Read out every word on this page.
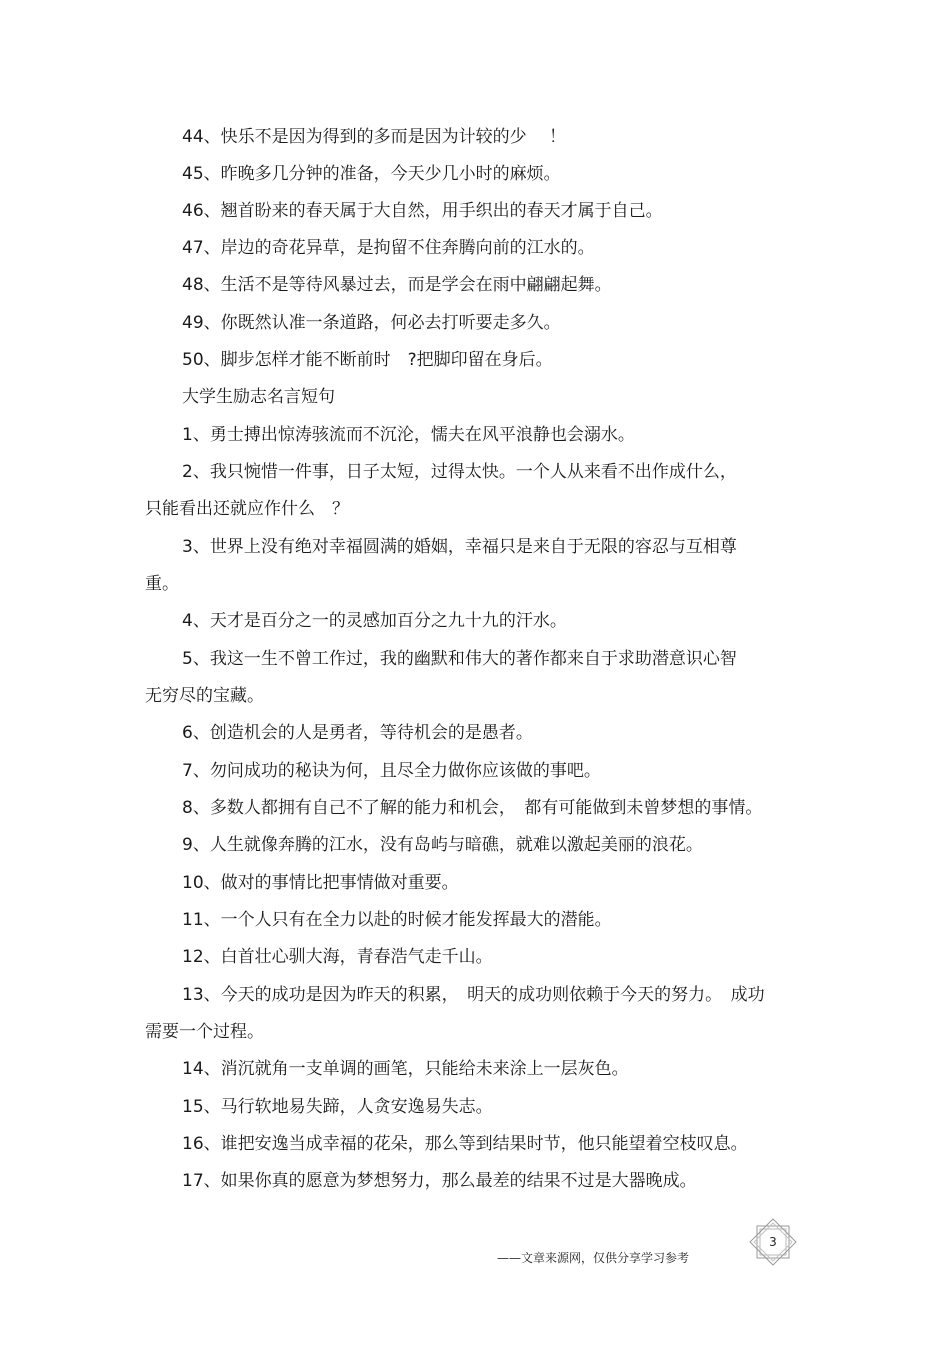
44、快乐不是因为得到的多而是因为计较的少　 ！
45、昨晚多几分钟的准备，今天少几小时的麻烦。
46、翘首盼来的春天属于大自然，用手织出的春天才属于自己。
47、岸边的奇花异草，是拘留不住奔腾向前的江水的。
48、生活不是等待风暴过去，而是学会在雨中翩翩起舞。
49、你既然认准一条道路，何必去打听要走多久。
50、脚步怎样才能不断前时　?把脚印留在身后。
大学生励志名言短句
1、勇士搏出惊涛骇流而不沉沦，懦夫在风平浪静也会溺水。
2、我只惋惜一件事，日子太短，过得太快。一个人从来看不出作成什么，
只能看出还就应作什么　？
3、世界上没有绝对幸福圆满的婚姻，幸福只是来自于无限的容忍与互相尊
重。
4、天才是百分之一的灵感加百分之九十九的汗水。
5、我这一生不曾工作过，我的幽默和伟大的著作都来自于求助潜意识心智
无穷尽的宝藏。
6、创造机会的人是勇者，等待机会的是愚者。
7、勿问成功的秘诀为何，且尽全力做你应该做的事吧。
8、多数人都拥有自己不了解的能力和机会，　都有可能做到未曾梦想的事情。
9、人生就像奔腾的江水，没有岛屿与暗礁，就难以激起美丽的浪花。
10、做对的事情比把事情做对重要。
11、一个人只有在全力以赴的时候才能发挥最大的潜能。
12、白首壮心驯大海，青春浩气走千山。
13、今天的成功是因为昨天的积累，　明天的成功则依赖于今天的努力。　成功
需要一个过程。
14、消沉就角一支单调的画笔，只能给未来涂上一层灰色。
15、马行软地易失蹄，人贪安逸易失志。
16、谁把安逸当成幸福的花朵，那么等到结果时节，他只能望着空枝叹息。
17、如果你真的愿意为梦想努力，那么最差的结果不过是大器晚成。
3
——文章来源网，仅供分享学习参考
